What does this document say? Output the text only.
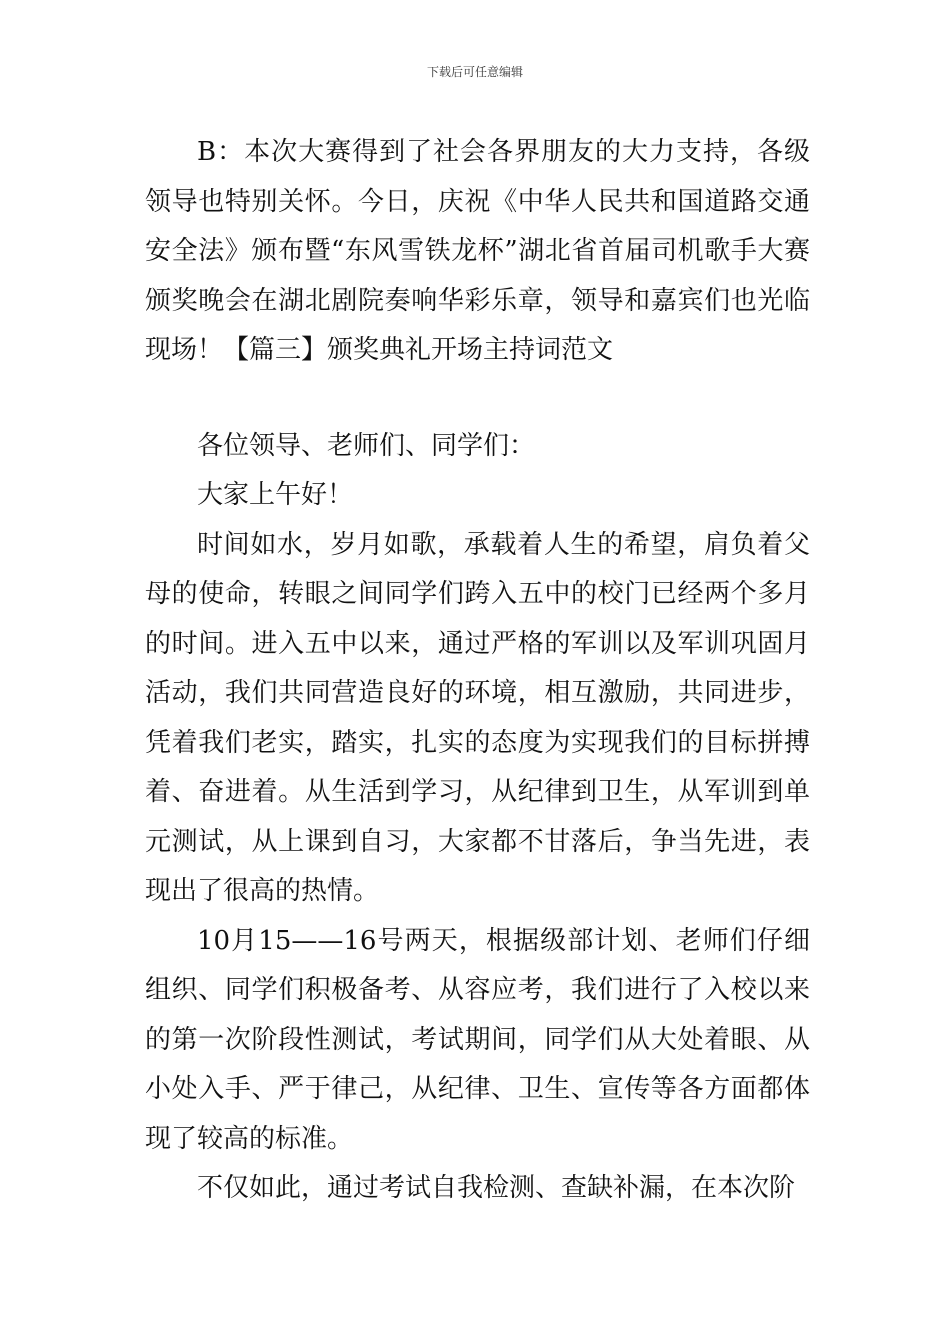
下载后可任意编辑

B：本次大赛得到了社会各界朋友的大力支持，各级领导也特别关怀。今日，庆祝《中华人民共和国道路交通安全法》颁布暨“东风雪铁龙杯”湖北省首届司机歌手大赛颁奖晚会在湖北剧院奏响华彩乐章，领导和嘉宾们也光临现场！【篇三】颁奖典礼开场主持词范文

各位领导、老师们、同学们：

大家上午好！

时间如水，岁月如歌，承载着人生的希望，肩负着父母的使命，转眼之间同学们跨入五中的校门已经两个多月的时间。进入五中以来，通过严格的军训以及军训巩固月活动，我们共同营造良好的环境，相互激励，共同进步，凭着我们老实，踏实，扎实的态度为实现我们的目标拼搏着、奋进着。从生活到学习，从纪律到卫生，从军训到单元测试，从上课到自习，大家都不甘落后，争当先进，表现出了很高的热情。

10月15——16号两天，根据级部计划、老师们仔细组织、同学们积极备考、从容应考，我们进行了入校以来的第一次阶段性测试，考试期间，同学们从大处着眼、从小处入手、严于律己，从纪律、卫生、宣传等各方面都体现了较高的标准。

不仅如此，通过考试自我检测、查缺补漏，在本次阶
